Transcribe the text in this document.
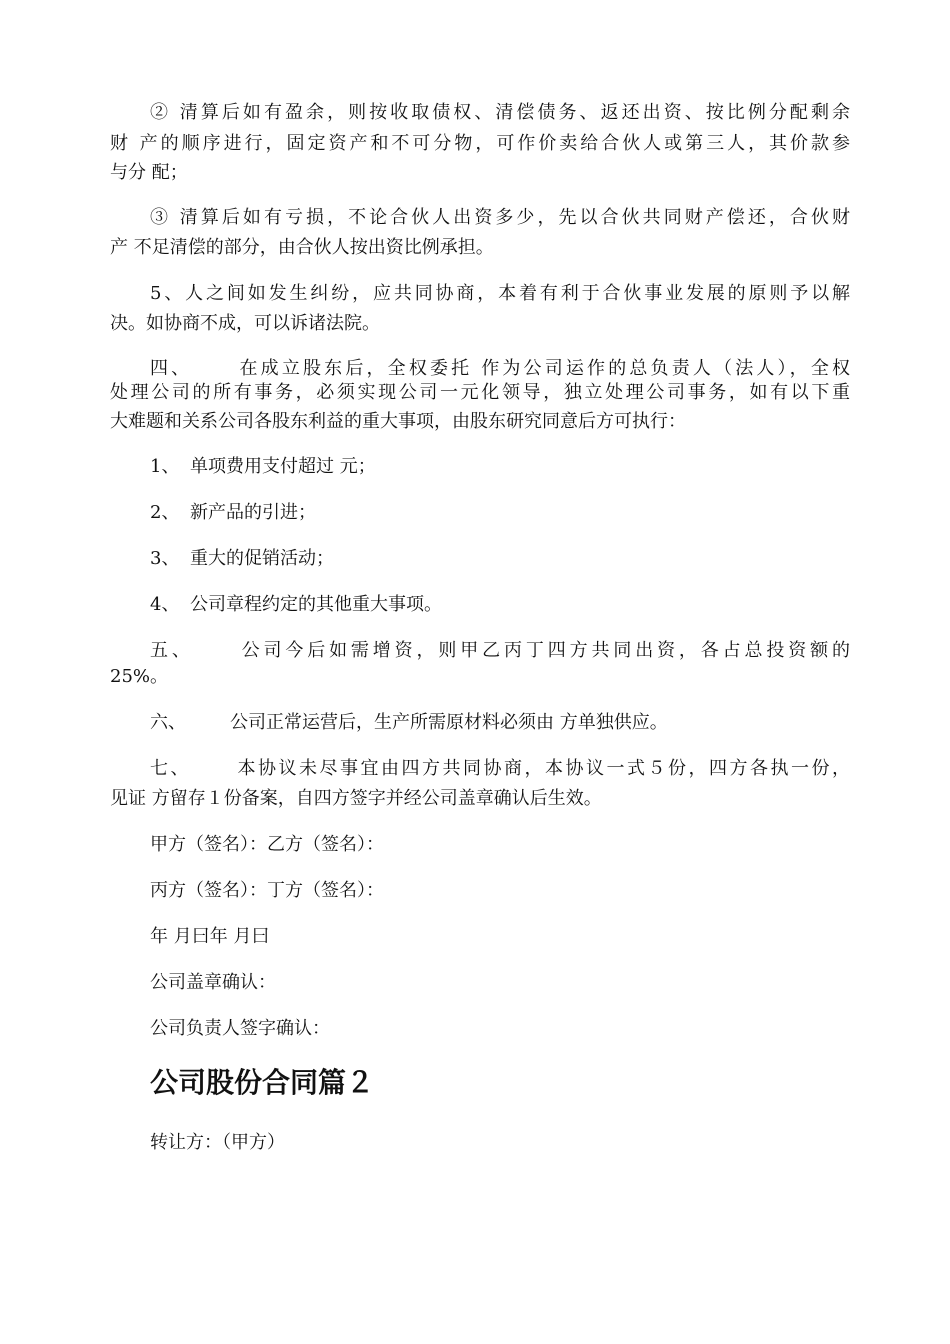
② 清算后如有盈余，则按收取债权、清偿债务、返还出资、按比例分配剩余
财 产的顺序进行，固定资产和不可分物，可作价卖给合伙人或第三人，其价款参
与分 配；
③ 清算后如有亏损，不论合伙人出资多少，先以合伙共同财产偿还，合伙财
产 不足清偿的部分，由合伙人按出资比例承担。
5、人之间如发生纠纷，应共同协商，本着有利于合伙事业发展的原则予以解
决。如协商不成，可以诉诸法院。
四、 在成立股东后，全权委托 作为公司运作的总负责人（法人），全权
处理公司的所有事务，必须实现公司一元化领导，独立处理公司事务，如有以下重
大难题和关系公司各股东利益的重大事项，由股东研究同意后方可执行：
1、 单项费用支付超过 元；
2、 新产品的引进；
3、 重大的促销活动；
4、 公司章程约定的其他重大事项。
五、 公司今后如需增资，则甲乙丙丁四方共同出资，各占总投资额的
25%。
六、 公司正常运营后，生产所需原材料必须由 方单独供应。
七、 本协议未尽事宜由四方共同协商，本协议一式５份，四方各执一份，
见证 方留存１份备案，自四方签字并经公司盖章确认后生效。
甲方（签名）：乙方（签名）：
丙方（签名）：丁方（签名）：
年 月曰年 月曰
公司盖章确认：
公司负责人签字确认：
公司股份合同篇２
转让方：（甲方）
